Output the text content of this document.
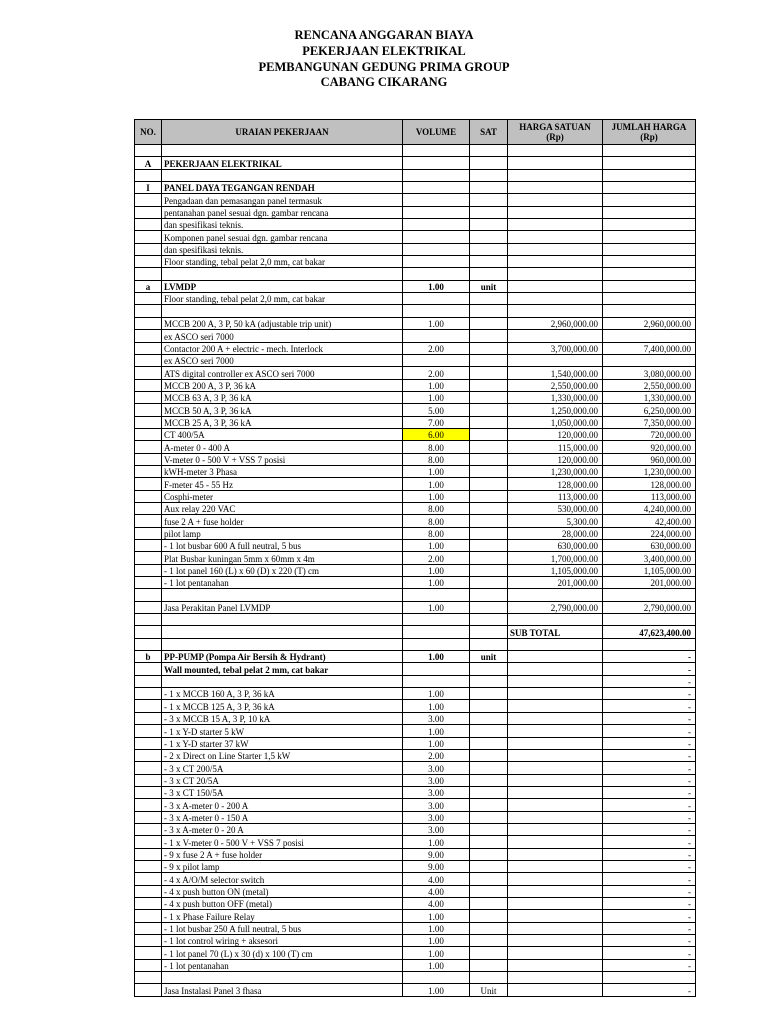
RENCANA ANGGARAN BIAYA
PEKERJAAN ELEKTRIKAL
PEMBANGUNAN GEDUNG PRIMA GROUP
CABANG CIKARANG
NO.	URAIAN PEKERJAAN	VOLUME	SAT	HARGA SATUAN (Rp)	JUMLAH HARGA (Rp)

A	PEKERJAAN ELEKTRIKAL				

I	PANEL DAYA TEGANGAN RENDAH				
	Pengadaan dan pemasangan panel termasuk				
	pentanahan panel sesuai dgn. gambar rencana				
	dan spesifikasi teknis.				
	Komponen panel sesuai dgn. gambar rencana				
	dan spesifikasi teknis.				
	Floor standing, tebal pelat 2,0 mm, cat bakar				

a	LVMDP	1.00	unit		
	Floor standing, tebal pelat 2,0 mm, cat bakar				

	MCCB 200 A, 3 P, 50 kA (adjustable trip unit)	1.00		2,960,000.00	2,960,000.00
	ex ASCO seri 7000				
	Contactor 200 A + electric - mech. Interlock	2.00		3,700,000.00	7,400,000.00
	ex ASCO seri 7000				
	ATS digital controller ex ASCO seri 7000	2.00		1,540,000.00	3,080,000.00
	MCCB 200 A, 3 P, 36 kA	1.00		2,550,000.00	2,550,000.00
	MCCB 63 A, 3 P, 36 kA	1.00		1,330,000.00	1,330,000.00
	MCCB 50 A, 3 P, 36 kA	5.00		1,250,000.00	6,250,000.00
	MCCB 25 A, 3 P, 36 kA	7.00		1,050,000.00	7,350,000.00
	CT 400/5A	6.00		120,000.00	720,000.00
	A-meter 0 - 400 A	8.00		115,000.00	920,000.00
	V-meter 0 - 500 V + VSS 7 posisi	8.00		120,000.00	960,000.00
	kWH-meter 3 Phasa	1.00		1,230,000.00	1,230,000.00
	F-meter 45 - 55 Hz	1.00		128,000.00	128,000.00
	Cosphi-meter	1.00		113,000.00	113,000.00
	Aux relay 220 VAC	8.00		530,000.00	4,240,000.00
	fuse 2 A + fuse holder	8.00		5,300.00	42,400.00
	pilot lamp	8.00		28,000.00	224,000.00
	- 1 lot busbar 600 A full neutral, 5 bus	1.00		630,000.00	630,000.00
	Plat Busbar kuningan 5mm x 60mm x 4m	2.00		1,700,000.00	3,400,000.00
	- 1 lot panel 160 (L) x 60 (D) x 220 (T) cm	1.00		1,105,000.00	1,105,000.00
	- 1 lot pentanahan	1.00		201,000.00	201,000.00

	Jasa Perakitan Panel LVMDP	1.00		2,790,000.00	2,790,000.00

				SUB TOTAL	47,623,400.00

b	PP-PUMP (Pompa Air Bersih & Hydrant)	1.00	unit		-
	Wall mounted, tebal pelat 2 mm, cat bakar				-
					-
	- 1 x MCCB 160 A, 3 P, 36 kA	1.00			-
	- 1 x MCCB 125 A, 3 P, 36 kA	1.00			-
	- 3 x MCCB 15 A, 3 P, 10 kA	3.00			-
	- 1 x Y-D starter 5 kW	1.00			-
	- 1 x Y-D starter 37 kW	1.00			-
	- 2 x Direct on Line Starter 1,5 kW	2.00			-
	- 3 x CT 200/5A	3.00			-
	- 3 x CT 20/5A	3.00			-
	- 3 x CT 150/5A	3.00			-
	- 3 x A-meter 0 - 200 A	3.00			-
	- 3 x A-meter 0 - 150 A	3.00			-
	- 3 x A-meter 0 - 20 A	3.00			-
	- 1 x V-meter 0 - 500 V + VSS 7 posisi	1.00			-
	- 9 x fuse 2 A + fuse holder	9.00			-
	- 9 x pilot lamp	9.00			-
	- 4 x A/O/M selector switch	4.00			-
	- 4 x push button ON (metal)	4.00			-
	- 4 x push button OFF (metal)	4.00			-
	- 1 x Phase Failure Relay	1.00			-
	- 1 lot busbar 250 A full neutral, 5 bus	1.00			-
	- 1 lot control wiring + aksesori	1.00			-
	- 1 lot panel 70 (L) x 30 (d) x 100 (T) cm	1.00			-
	- 1 lot pentanahan	1.00			-

	Jasa Instalasi Panel 3 fhasa	1.00	Unit		-
